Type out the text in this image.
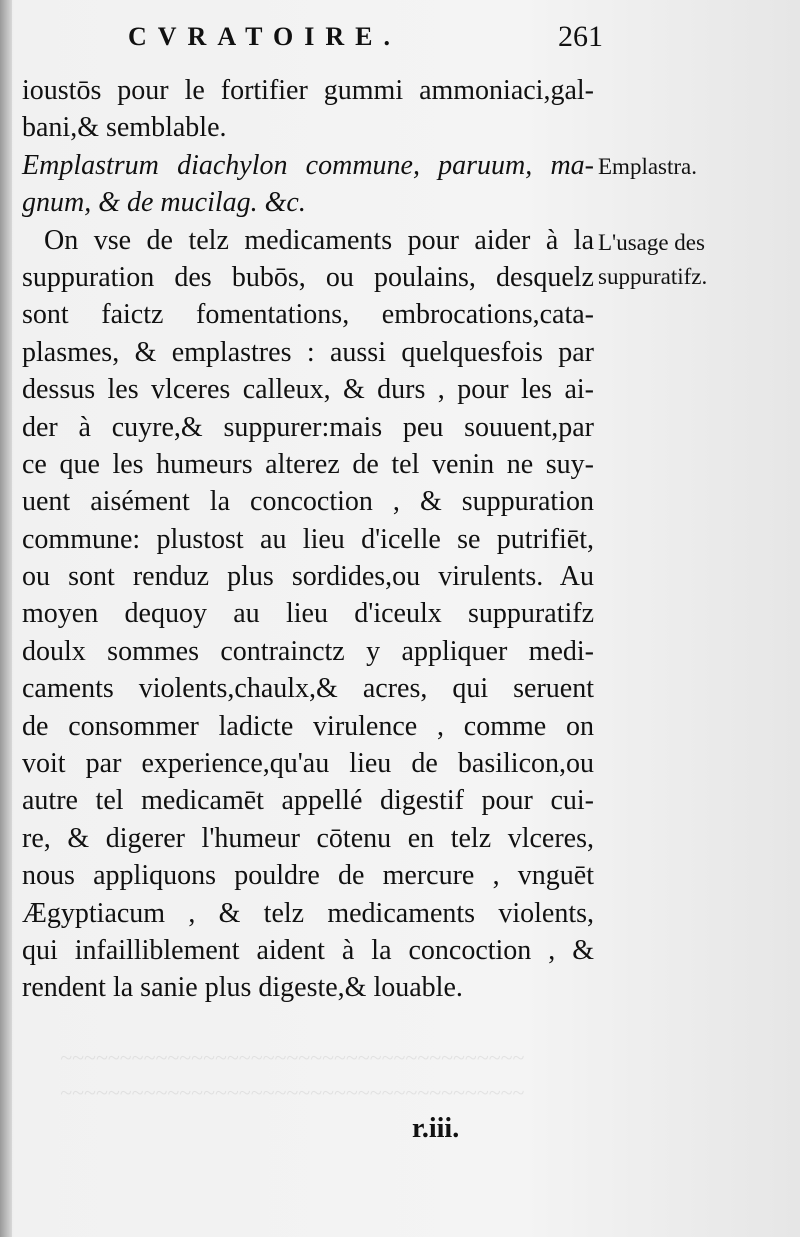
~~~~~~~~~~~~~~~~~~~~~~~~~~~~~~~~~~~~~~~
~~~~~~~~~~~~~~~~~~~~~~~~~~~~~~~~~~~~~~~
CVRATOIRE.	261
ioustōs pour le fortifier gummi ammoniaci,gal-
bani,& semblable.
Emplastrum diachylon commune, paruum, ma-
gnum, & de mucilag. &c.
On vse de telz medicaments pour aider à la
suppuration des bubōs, ou poulains, desquelz
sont faictz fomentations, embrocations,cata-
plasmes, & emplastres : aussi quelquesfois par
dessus les vlceres calleux, & durs , pour les ai-
der à cuyre,& suppurer:mais peu souuent,par
ce que les humeurs alterez de tel venin ne suy-
uent aisément la concoction , & suppuration
commune: plustost au lieu d'icelle se putrifiēt,
ou sont renduz plus sordides,ou virulents. Au
moyen dequoy au lieu d'iceulx suppuratifz
doulx sommes contrainctz y appliquer medi-
caments violents,chaulx,& acres, qui seruent
de consommer ladicte virulence , comme on
voit par experience,qu'au lieu de basilicon,ou
autre tel medicamēt appellé digestif pour cui-
re, & digerer l'humeur cōtenu en telz vlceres,
nous appliquons pouldre de mercure , vnguēt
Ægyptiacum , & telz medicaments violents,
qui infailliblement aident à la concoction , &
rendent la sanie plus digeste,& louable.
Emplastra.
L'usage des suppuratifz.
r.iii.
